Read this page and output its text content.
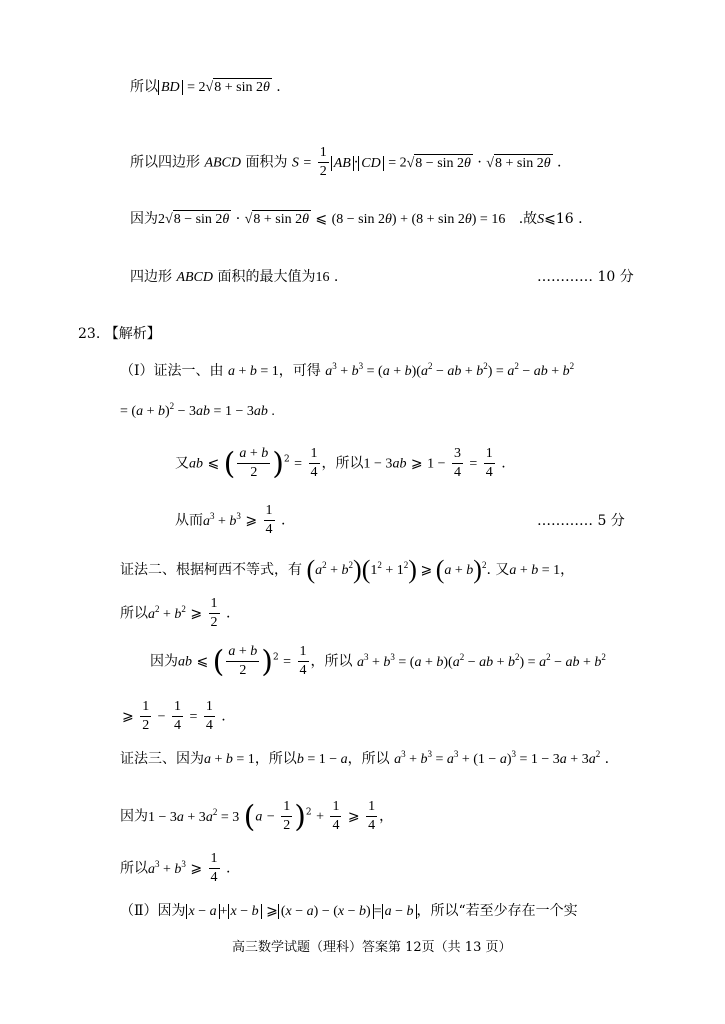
所以 BD = 2√8 + sin 2θ .
所以四边形 ABCD 面积为 $S = \frac{1}{2}$ AB · CD = 2√8 − sin 2θ · √8 + sin 2θ .
因为2√8 − sin 2θ · √8 + sin 2θ ⩽ (8 − sin 2θ) + (8 + sin 2θ) = 16 .故S⩽16 .
四边形 ABCD 面积的最大值为16 .	………… 10 分
23. 【解析】
（Ⅰ）证法一、由 a + b = 1，可得 $a^3 + b^3 = (a + b)(a^2$ − ab + $b^2) = a^2$ − ab + $b^2$
= $(a + b)^2 - 3ab = 1 - 3ab$ .
又ab ⩽ ( $\frac{a + b}{2} )^2 = \frac{1}{4}$ ，所以1 − 3ab ⩾ $1 - \frac{3}{4} = \frac{1}{4}$ .
从而$a^3 + b^3$ ⩾ $\frac{1}{4}$ .	………… 5 分
证法二、根据柯西不等式，有 $(a^2 + b^2)(1^2 + 1^2)$ ⩾ $(a + b)^2$. 又a + b = 1，
所以$a^2 + b^2$ ⩾ $\frac{1}{2}$ .
因为ab ⩽ ( $\frac{a + b}{2} )^2 = \frac{1}{4}$ ，所以 $a^3 + b^3 = (a + b)(a^2$ − ab + $b^2) = a^2$ − ab + $b^2$
⩾ $\frac{1}{2} - \frac{1}{4} = \frac{1}{4}$ .
证法三、因为a + b = 1，所以b = 1 − a，所以 $a^3 + b^3 = a^3 + (1 - a)^3 = 1 - 3a + 3a^2$ .
因为$1 - 3a + 3a^2 = 3$ $(a - \frac{1}{2} )^2 + \frac{1}{4}$ ⩾ $\frac{1}{4}$ ，
所以$a^3 + b^3$ ⩾ $\frac{1}{4}$ .
（Ⅱ）因为 x − a + x − b ⩾ (x − a) − (x − b) = a − b ，所以“若至少存在一个实
高三数学试题（理科）答案第 12页（共 13 页）
